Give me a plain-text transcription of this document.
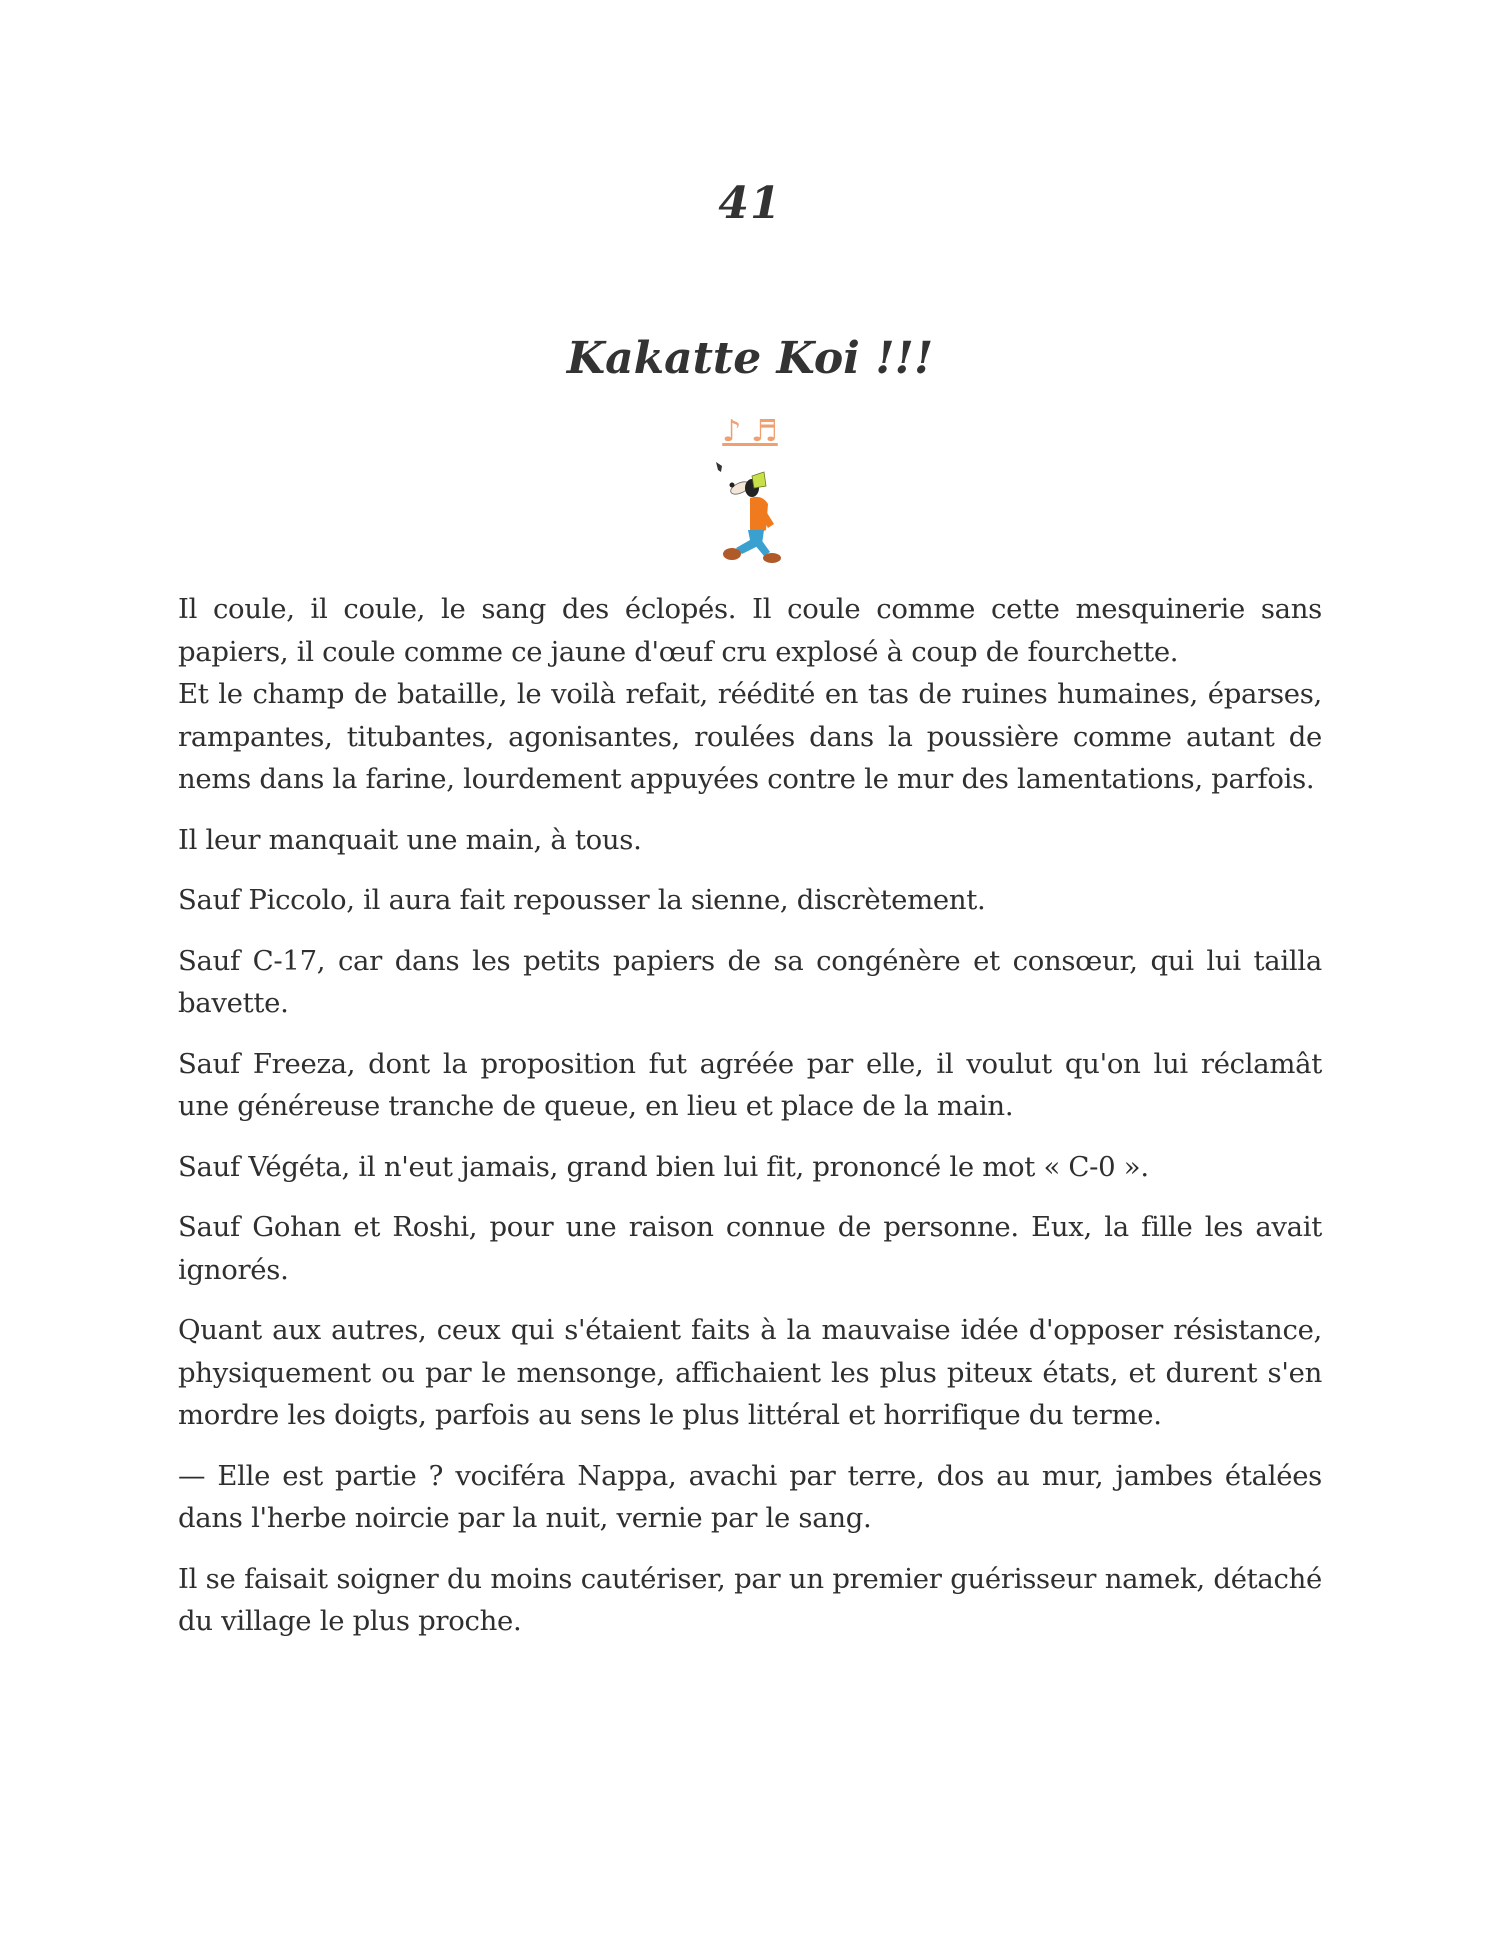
41
Kakatte Koi !!!
♪ ♬

Il coule, il coule, le sang des éclopés. Il coule comme cette mesquinerie sans papiers, il coule comme ce jaune d'œuf cru explosé à coup de fourchette.

Et le champ de bataille, le voilà refait, réédité en tas de ruines humaines, éparses, rampantes, titubantes, agonisantes, roulées dans la poussière comme autant de nems dans la farine, lourdement appuyées contre le mur des lamentations, parfois.

Il leur manquait une main, à tous.

Sauf Piccolo, il aura fait repousser la sienne, discrètement.

Sauf C-17, car dans les petits papiers de sa congénère et consœur, qui lui tailla bavette.

Sauf Freeza, dont la proposition fut agréée par elle, il voulut qu'on lui réclamât une généreuse tranche de queue, en lieu et place de la main.

Sauf Végéta, il n'eut jamais, grand bien lui fit, prononcé le mot « C-0 ».

Sauf Gohan et Roshi, pour une raison connue de personne. Eux, la fille les avait ignorés.

Quant aux autres, ceux qui s'étaient faits à la mauvaise idée d'opposer résistance, physiquement ou par le mensonge, affichaient les plus piteux états, et durent s'en mordre les doigts, parfois au sens le plus littéral et horrifique du terme.

— Elle est partie ? vociféra Nappa, avachi par terre, dos au mur, jambes étalées dans l'herbe noircie par la nuit, vernie par le sang.

Il se faisait soigner du moins cautériser, par un premier guérisseur namek, détaché du village le plus proche.
